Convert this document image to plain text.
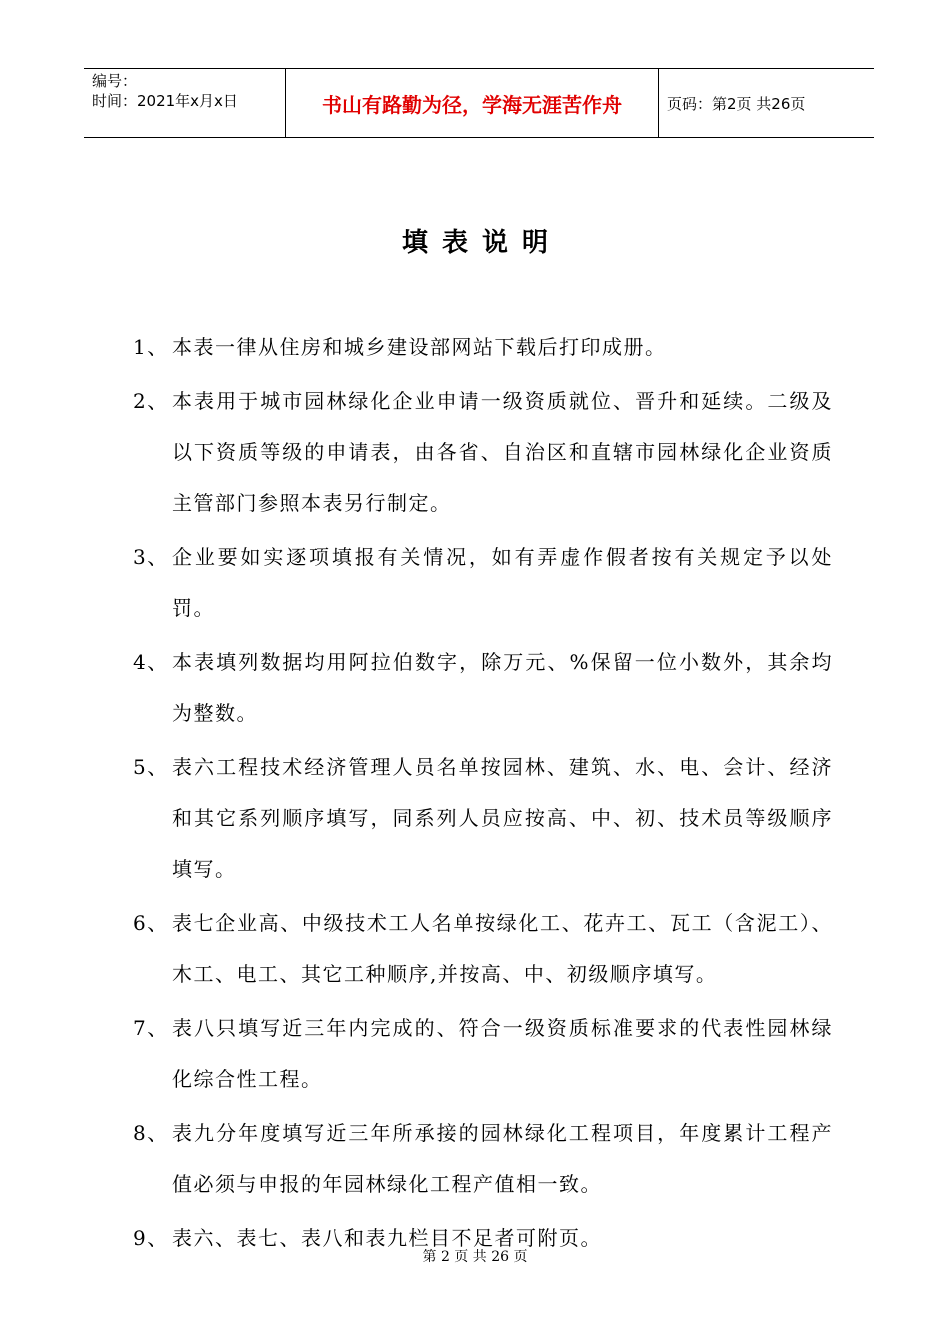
编号：
时间：2021年x月x日	书山有路勤为径，学海无涯苦作舟	页码：第2页 共26页
填表说明
1、 本表一律从住房和城乡建设部网站下载后打印成册。
2、 本表用于城市园林绿化企业申请一级资质就位、晋升和延续。二级及以下资质等级的申请表，由各省、自治区和直辖市园林绿化企业资质主管部门参照本表另行制定。
3、 企业要如实逐项填报有关情况，如有弄虚作假者按有关规定予以处罚。
4、 本表填列数据均用阿拉伯数字，除万元、%保留一位小数外，其余均为整数。
5、 表六工程技术经济管理人员名单按园林、建筑、水、电、会计、经济和其它系列顺序填写，同系列人员应按高、中、初、技术员等级顺序填写。
6、 表七企业高、中级技术工人名单按绿化工、花卉工、瓦工（含泥工）、木工、电工、其它工种顺序,并按高、中、初级顺序填写。
7、 表八只填写近三年内完成的、符合一级资质标准要求的代表性园林绿化综合性工程。
8、 表九分年度填写近三年所承接的园林绿化工程项目，年度累计工程产值必须与申报的年园林绿化工程产值相一致。
9、 表六、表七、表八和表九栏目不足者可附页。
第 2 页 共 26 页
